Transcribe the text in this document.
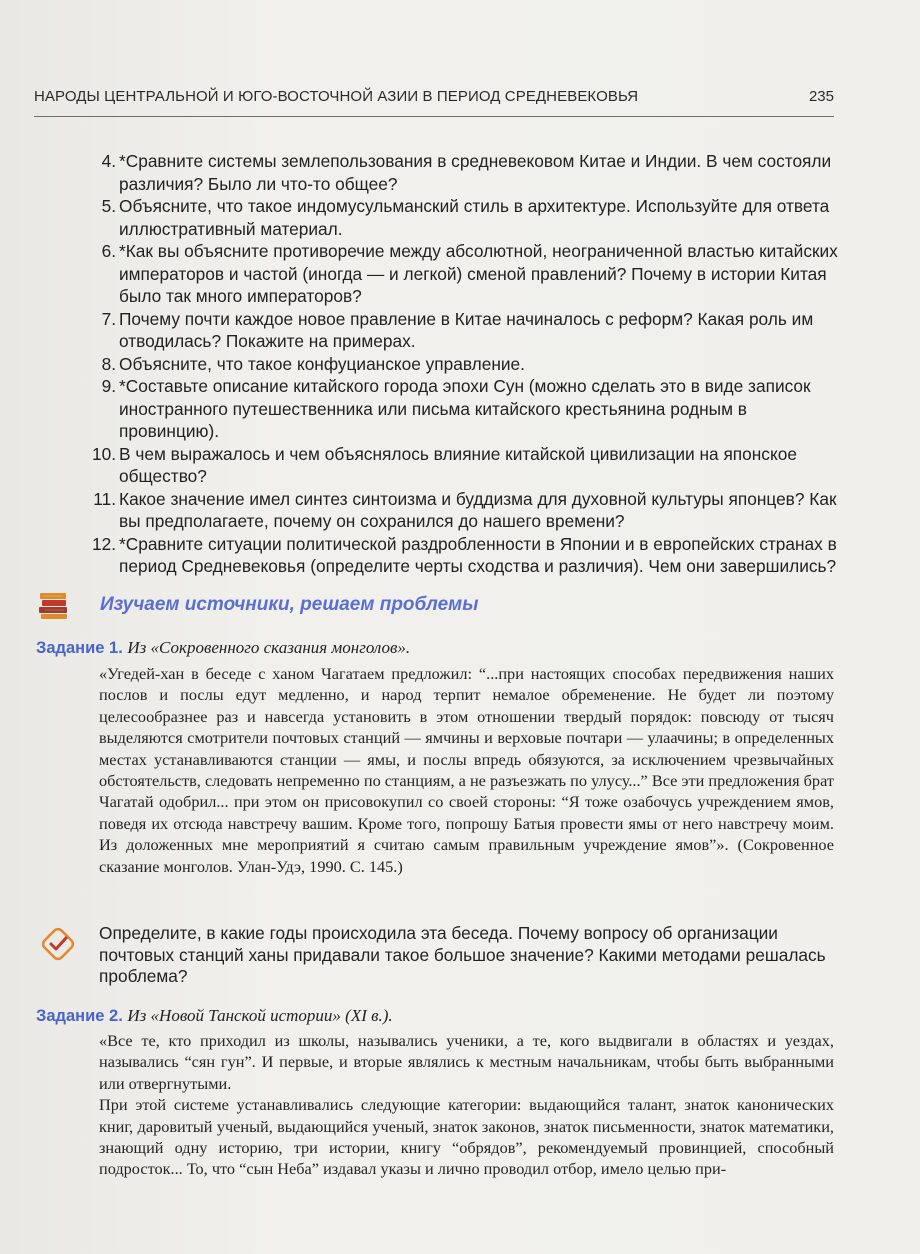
НАРОДЫ ЦЕНТРАЛЬНОЙ И ЮГО-ВОСТОЧНОЙ АЗИИ В ПЕРИОД СРЕДНЕВЕКОВЬЯ	235
4. *Сравните системы землепользования в средневековом Китае и Индии. В чем состояли различия? Было ли что-то общее?
5. Объясните, что такое индомусульманский стиль в архитектуре. Используйте для ответа иллюстративный материал.
6. *Как вы объясните противоречие между абсолютной, неограниченной властью китайских императоров и частой (иногда — и легкой) сменой правлений? Почему в истории Китая было так много императоров?
7. Почему почти каждое новое правление в Китае начиналось с реформ? Какая роль им отводилась? Покажите на примерах.
8. Объясните, что такое конфуцианское управление.
9. *Составьте описание китайского города эпохи Сун (можно сделать это в виде записок иностранного путешественника или письма китайского крестьянина родным в провинцию).
10. В чем выражалось и чем объяснялось влияние китайской цивилизации на японское общество?
11. Какое значение имел синтез синтоизма и буддизма для духовной культуры японцев? Как вы предполагаете, почему он сохранился до нашего времени?
12. *Сравните ситуации политической раздробленности в Японии и в европейских странах в период Средневековья (определите черты сходства и различия). Чем они завершились?
Изучаем источники, решаем проблемы
Задание 1. Из «Сокровенного сказания монголов».
«Угедей-хан в беседе с ханом Чагатаем предложил: “...при настоящих способах передвижения наших послов и послы едут медленно, и народ терпит немалое обременение. Не будет ли поэтому целесообразнее раз и навсегда установить в этом отношении твердый порядок: повсюду от тысяч выделяются смотрители почтовых станций — ямчины и верховые почтари — улаачины; в определенных местах устанавливаются станции — ямы, и послы впредь обязуются, за исключением чрезвычайных обстоятельств, следовать непременно по станциям, а не разъезжать по улусу...” Все эти предложения брат Чагатай одобрил... при этом он присовокупил со своей стороны: “Я тоже озабочусь учреждением ямов, поведя их отсюда навстречу вашим. Кроме того, попрошу Батыя провести ямы от него навстречу моим. Из доложенных мне мероприятий я считаю самым правильным учреждение ямов”». (Сокровенное сказание монголов. Улан-Удэ, 1990. С. 145.)
Определите, в какие годы происходила эта беседа. Почему вопросу об организации почтовых станций ханы придавали такое большое значение? Какими методами решалась проблема?
Задание 2. Из «Новой Танской истории» (XI в.).
«Все те, кто приходил из школы, назывались ученики, а те, кого выдвигали в областях и уездах, назывались “сян гун”. И первые, и вторые являлись к местным начальникам, чтобы быть выбранными или отвергнутыми.
При этой системе устанавливались следующие категории: выдающийся талант, знаток канонических книг, даровитый ученый, выдающийся ученый, знаток законов, знаток письменности, знаток математики, знающий одну историю, три истории, книгу “обрядов”, рекомендуемый провинцией, способный подросток... То, что “сын Неба” издавал указы и лично проводил отбор, имело целью при-
